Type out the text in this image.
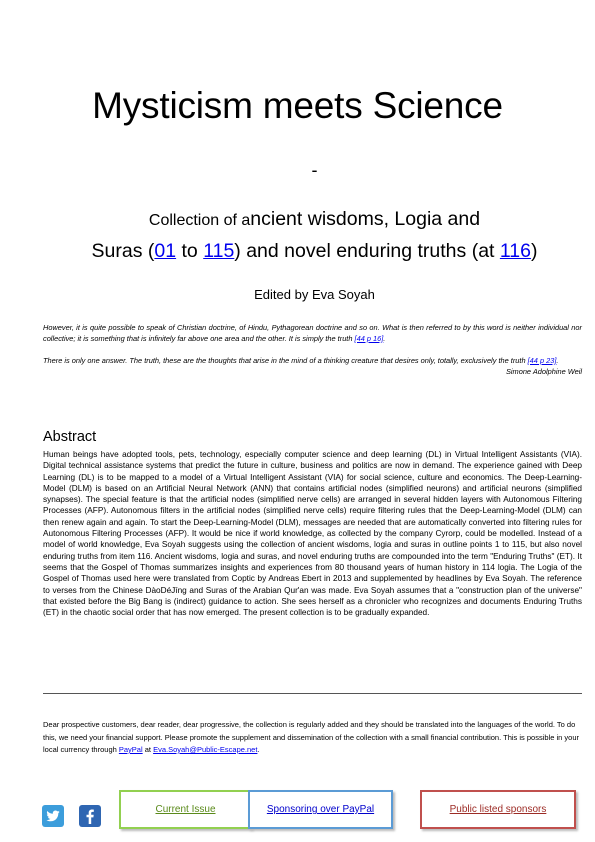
Mysticism meets Science
-
Collection of ancient wisdoms, Logia and
Suras (01 to 115) and novel enduring truths (at 116)
Edited by Eva Soyah

However, it is quite possible to speak of Christian doctrine, of Hindu, Pythagorean doctrine and so on. What is then referred to by this word is neither individual nor collective; it is something that is infinitely far above one area and the other. It is simply the truth [44 p 16].

There is only one answer. The truth, these are the thoughts that arise in the mind of a thinking creature that desires only, totally, exclusively the truth [44 p 23].

Simone Adolphine Weil

Abstract
Human beings have adopted tools, pets, technology, especially computer science and deep learning (DL) in Virtual Intelligent Assistants (VIA). Digital technical assistance systems that predict the future in culture, business and politics are now in demand. The experience gained with Deep Learning (DL) is to be mapped to a model of a Virtual Intelligent Assistant (VIA) for social science, culture and economics. The Deep-Learning-Model (DLM) is based on an Artificial Neural Network (ANN) that contains artificial nodes (simplified neurons) and artificial neurons (simplified synapses). The special feature is that the artificial nodes (simplified nerve cells) are arranged in several hidden layers with Autonomous Filtering Processes (AFP). Autonomous filters in the artificial nodes (simplified nerve cells) require filtering rules that the Deep-Learning-Model (DLM) can then renew again and again. To start the Deep-Learning-Model (DLM), messages are needed that are automatically converted into filtering rules for Autonomous Filtering Processes (AFP). It would be nice if world knowledge, as collected by the company Cyrorp, could be modelled. Instead of a model of world knowledge, Eva Soyah suggests using the collection of ancient wisdoms, logia and suras in outline points 1 to 115, but also novel enduring truths from item 116. Ancient wisdoms, logia and suras, and novel enduring truths are compounded into the term "Enduring Truths" (ET). It seems that the Gospel of Thomas summarizes insights and experiences from 80 thousand years of human history in 114 logia. The Logia of the Gospel of Thomas used here were translated from Coptic by Andreas Ebert in 2013 and supplemented by headlines by Eva Soyah. The reference to verses from the Chinese DàoDéJīng and Suras of the Arabian Qur'an was made. Eva Soyah assumes that a "construction plan of the universe" that existed before the Big Bang is (indirect) guidance to action. She sees herself as a chronicler who recognizes and documents Enduring Truths (ET) in the chaotic social order that has now emerged. The present collection is to be gradually expanded.
Dear prospective customers, dear reader, dear progressive, the collection is regularly added and they should be translated into the languages of the world. To do this, we need your financial support. Please promote the supplement and dissemination of the collection with a small financial contribution. This is possible in your local currency through PayPal at Eva.Soyah@Public-Escape.net.
Current Issue	Sponsoring over PayPal	Public listed sponsors
